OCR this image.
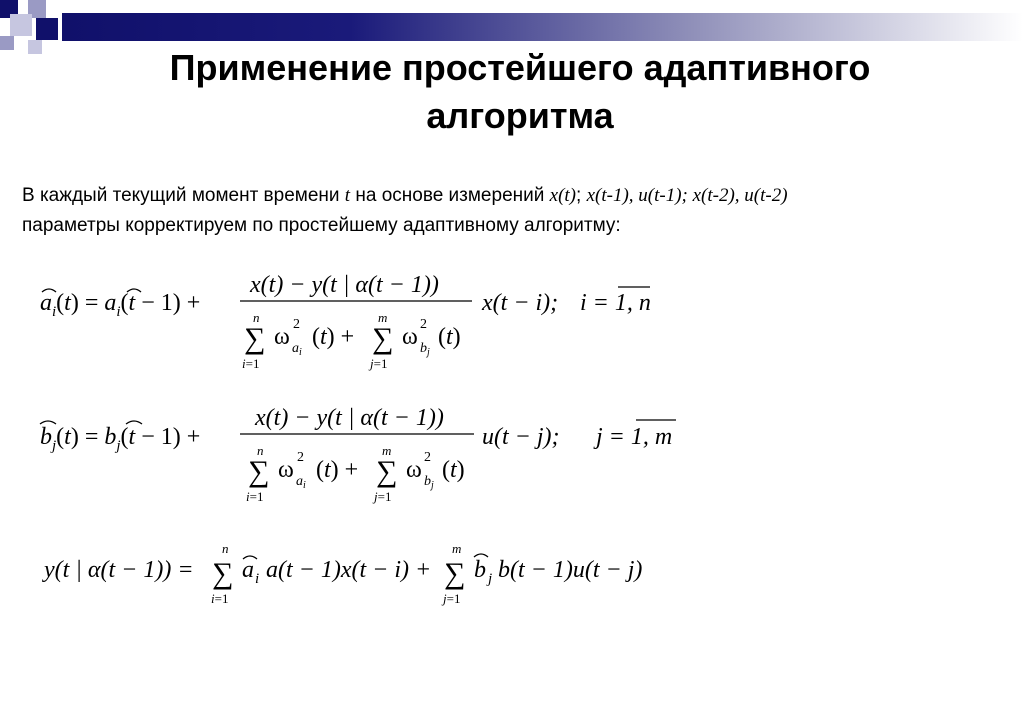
Применение простейшего адаптивного
алгоритма
В каждый текущий момент времени t на основе измерений x(t); x(t-1), u(t-1); x(t-2), u(t-2)
параметры корректируем по простейшему адаптивному алгоритму:
$a_i(t) = a_i(t - 1)$ +
x(t) − y(t | α(t − 1))
n
∑
i=1
ω 2
$a_i$
(t) +
m
∑
j=1
ω 2
$b_j$
(t)
x(t − i); i = 1, n
$b_j(t) = b_j(t - 1)$ +
x(t) − y(t | α(t − 1))
n
∑
i=1
ω 2
$a_i$
(t) +
m
∑
j=1
ω 2
$b_j$
(t)
u(t − j); j = 1, m
y(t | α(t − 1)) =
n
∑
i=1
a i a(t − 1)x(t − i) +
m
∑
j=1
b j b(t − 1)u(t − j)
